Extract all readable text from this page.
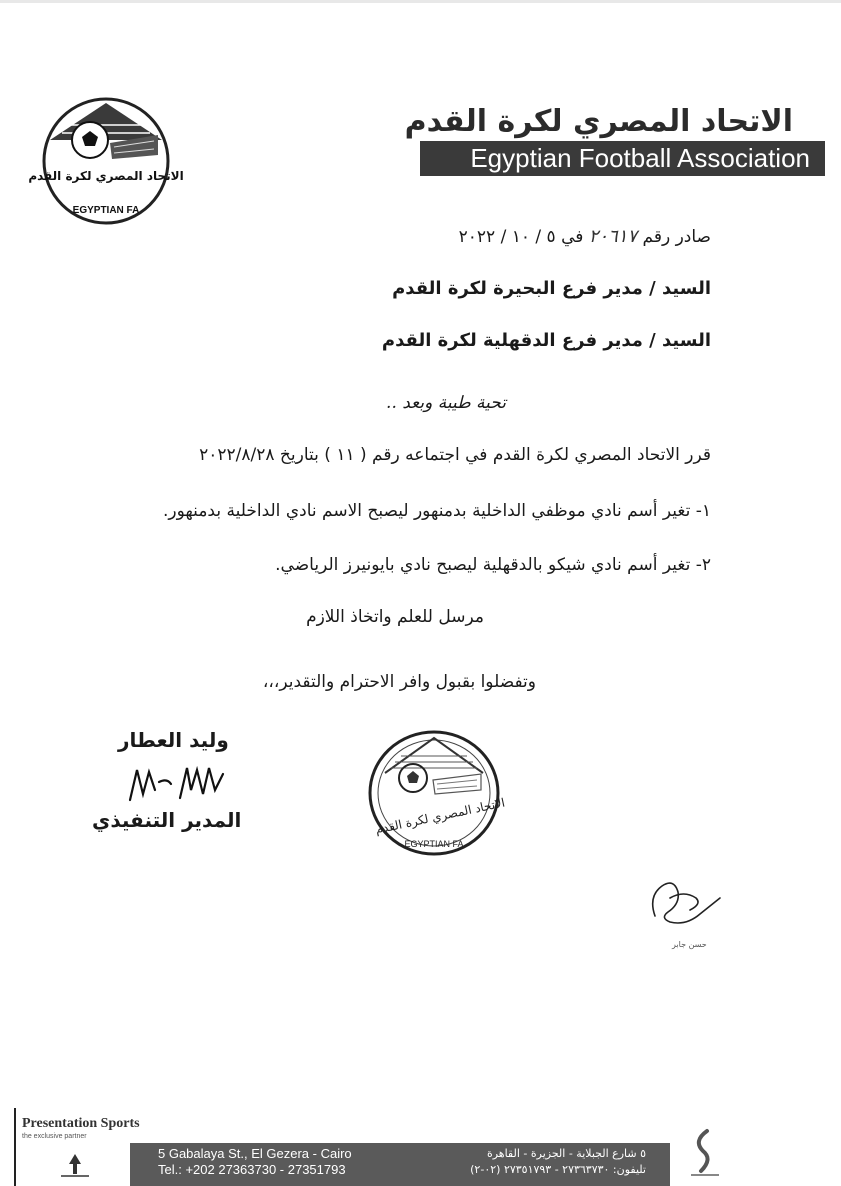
الاتحاد المصري لكرة القدم
EGYPTIAN FA
الاتحاد المصري لكرة القدم
Egyptian Football Association
صادر رقم ٢٠٦١٧ في ٥ / ١٠ / ٢٠٢٢
السيد / مدير فرع البحيرة لكرة القدم
السيد / مدير فرع الدقهلية لكرة القدم
تحية طيبة وبعد ..
قرر الاتحاد المصري لكرة القدم في اجتماعه رقم ( ١١ ) بتاريخ ٢٠٢٢/٨/٢٨
١- تغير أسم نادي موظفي الداخلية بدمنهور ليصبح الاسم نادي الداخلية بدمنهور.
٢- تغير أسم نادي شيكو بالدقهلية ليصبح نادي بايونيرز الرياضي.
مرسل للعلم واتخاذ اللازم
وتفضلوا بقبول وافر الاحترام والتقدير،،،
وليد العطار
المدير التنفيذي	الاتحاد المصري لكرة القدم
EGYPTIAN FA
حسن جابر
Presentation Sports
the exclusive partner
5 Gabalaya St., El Gezera - Cairo
Tel.: +202 27363730 - 27351793
٥ شارع الجبلاية - الجزيرة - القاهرة
تليفون: ٢٧٣٦٣٧٣٠ - ٢٧٣٥١٧٩٣ (٠٢-٢)
